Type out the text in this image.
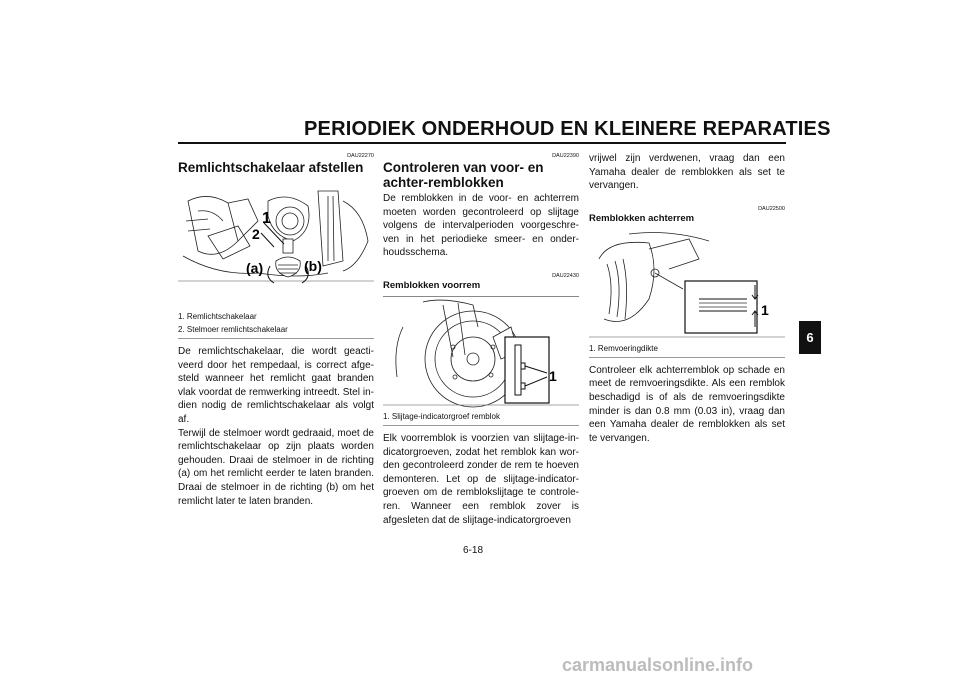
PERIODIEK ONDERHOUD EN KLEINERE REPARATIES
DAU22270
Remlichtschakelaar afstellen
1
2
(a)	(b)
1. Remlichtschakelaar
2. Stelmoer remlichtschakelaar

De remlichtschakelaar, die wordt geactiveerd door het rempedaal, is correct afgesteld wanneer het remlicht gaat branden vlak voordat de remwerking intreedt. Stel indien nodig de remlichtschakelaar als volgt af.

Terwijl de stelmoer wordt gedraaid, moet de remlichtschakelaar op zijn plaats worden gehouden. Draai de stelmoer in de richting (a) om het remlicht eerder te laten branden. Draai de stelmoer in de richting (b) om het remlicht later te laten branden.

DAU22390
Controleren van voor- en achter-remblokken

De remblokken in de voor- en achterrem moeten worden gecontroleerd op slijtage volgens de intervalperioden voorgeschreven in het periodieke smeer- en onderhoudsschema.

DAU22430
Remblokken voorrem
1
1. Slijtage-indicatorgroef remblok

Elk voorremblok is voorzien van slijtage-indicatorgroeven, zodat het remblok kan worden gecontroleerd zonder de rem te hoeven demonteren. Let op de slijtage-indicatorgroeven om de remblokslijtage te controleren. Wanneer een remblok zover is afgesleten dat de slijtage-indicatorgroeven

vrijwel zijn verdwenen, vraag dan een Yamaha dealer de remblokken als set te vervangen.

DAU22500
Remblokken achterrem
1
1. Remvoeringdikte

Controleer elk achterremblok op schade en meet de remvoeringsdikte. Als een remblok beschadigd is of als de remvoeringsdikte minder is dan 0.8 mm (0.03 in), vraag dan een Yamaha dealer de remblokken als set te vervangen.

6
6-18
carmanualsonline.info
